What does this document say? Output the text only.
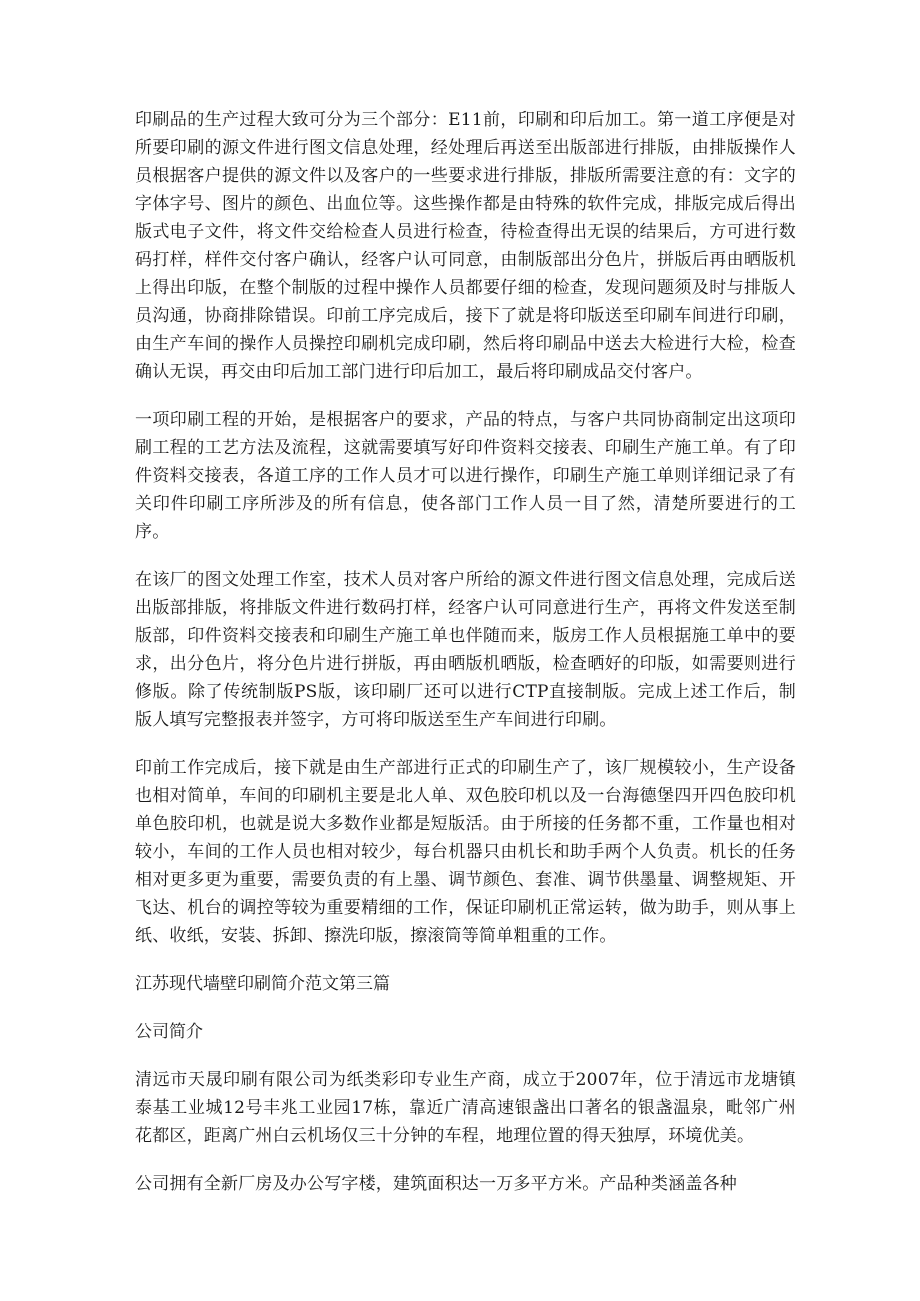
印刷品的生产过程大致可分为三个部分：E11前，印刷和印后加工。第一道工序便是对所要印刷的源文件进行图文信息处理，经处理后再送至出版部进行排版，由排版操作人员根据客户提供的源文件以及客户的一些要求进行排版，排版所需要注意的有：文字的字体字号、图片的颜色、出血位等。这些操作都是由特殊的软件完成，排版完成后得出版式电子文件，将文件交给检查人员进行检查，待检查得出无误的结果后，方可进行数码打样，样件交付客户确认，经客户认可同意，由制版部出分色片，拼版后再由晒版机上得出印版，在整个制版的过程中操作人员都要仔细的检查，发现问题须及时与排版人员沟通，协商排除错误。印前工序完成后，接下了就是将印版送至印刷车间进行印刷，由生产车间的操作人员操控印刷机完成印刷，然后将印刷品中送去大检进行大检，检查确认无误，再交由印后加工部门进行印后加工，最后将印刷成品交付客户。

一项印刷工程的开始，是根据客户的要求，产品的特点，与客户共同协商制定出这项印刷工程的工艺方法及流程，这就需要填写好印件资料交接表、印刷生产施工单。有了印件资料交接表，各道工序的工作人员才可以进行操作，印刷生产施工单则详细记录了有关印件印刷工序所涉及的所有信息，使各部门工作人员一目了然，清楚所要进行的工序。

在该厂的图文处理工作室，技术人员对客户所给的源文件进行图文信息处理，完成后送出版部排版，将排版文件进行数码打样，经客户认可同意进行生产，再将文件发送至制版部，印件资料交接表和印刷生产施工单也伴随而来，版房工作人员根据施工单中的要求，出分色片，将分色片进行拼版，再由晒版机晒版，检查晒好的印版，如需要则进行修版。除了传统制版PS版，该印刷厂还可以进行CTP直接制版。完成上述工作后，制版人填写完整报表并签字，方可将印版送至生产车间进行印刷。

印前工作完成后，接下就是由生产部进行正式的印刷生产了，该厂规模较小，生产设备也相对简单，车间的印刷机主要是北人单、双色胶印机以及一台海德堡四开四色胶印机单色胶印机，也就是说大多数作业都是短版活。由于所接的任务都不重，工作量也相对较小，车间的工作人员也相对较少，每台机器只由机长和助手两个人负责。机长的任务相对更多更为重要，需要负责的有上墨、调节颜色、套准、调节供墨量、调整规矩、开飞达、机台的调控等较为重要精细的工作，保证印刷机正常运转，做为助手，则从事上纸、收纸，安装、拆卸、擦洗印版，擦滚筒等简单粗重的工作。

江苏现代墙壁印刷简介范文第三篇

公司简介

清远市天晟印刷有限公司为纸类彩印专业生产商，成立于2007年，位于清远市龙塘镇泰基工业城12号丰兆工业园17栋，靠近广清高速银盏出口著名的银盏温泉，毗邻广州花都区，距离广州白云机场仅三十分钟的车程，地理位置的得天独厚，环境优美。

公司拥有全新厂房及办公写字楼，建筑面积达一万多平方米。产品种类涵盖各种
